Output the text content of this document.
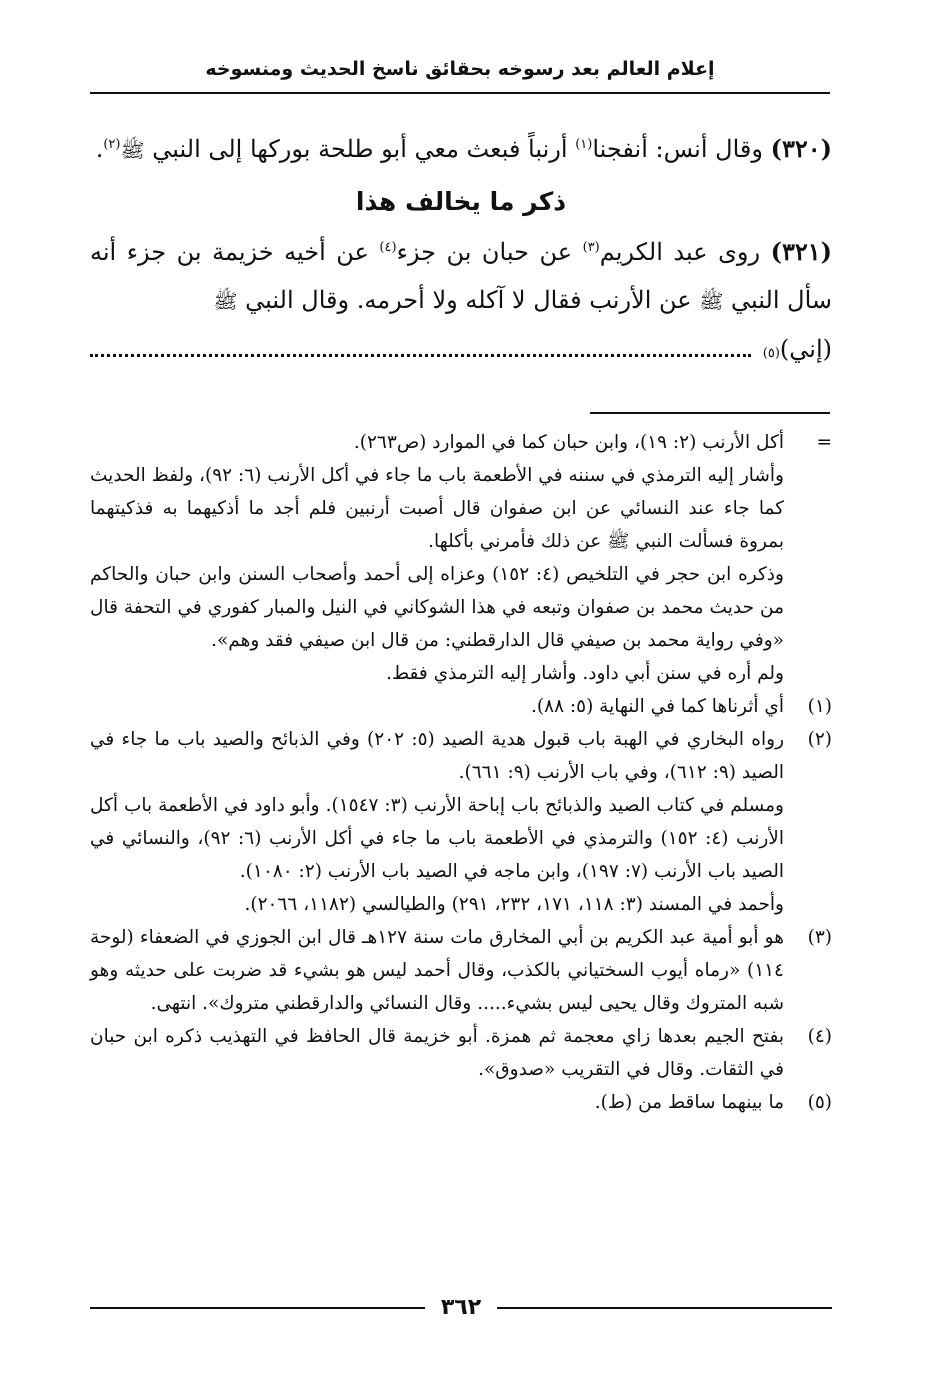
إعلام العالم بعد رسوخه بحقائق ناسخ الحديث ومنسوخه

(٣٢٠) وقال أنس: أنفجنا$^{(١)}$ أرنباً فبعث معي أبو طلحة بوركها إلى النبي ﷺ$^{(٢)}$.

ذكر ما يخالف هذا

(٣٢١) روى عبد الكريم$^{(٣)}$ عن حبان بن جزء$^{(٤)}$ عن أخيه خزيمة بن جزء أنه سأل النبي ﷺ عن الأرنب فقال لا آكله ولا أحرمه. وقال النبي ﷺ

(إني)
(٥)
=

أكل الأرنب (٢: ١٩)، وابن حبان كما في الموارد (ص٢٦٣).

وأشار إليه الترمذي في سننه في الأطعمة باب ما جاء في أكل الأرنب (٦: ٩٢)، ولفظ الحديث كما جاء عند النسائي عن ابن صفوان قال أصبت أرنبين فلم أجد ما أذكيهما به فذكيتهما بمروة فسألت النبي ﷺ عن ذلك فأمرني بأكلها.

وذكره ابن حجر في التلخيص (٤: ١٥٢) وعزاه إلى أحمد وأصحاب السنن وابن حبان والحاكم من حديث محمد بن صفوان وتبعه في هذا الشوكاني في النيل والمبار كفوري في التحفة قال «وفي رواية محمد بن صيفي قال الدارقطني: من قال ابن صيفي فقد وهم».

ولم أره في سنن أبي داود. وأشار إليه الترمذي فقط.

(١)

أي أثرناها كما في النهاية (٥: ٨٨).

(٢)

رواه البخاري في الهبة باب قبول هدية الصيد (٥: ٢٠٢) وفي الذبائح والصيد باب ما جاء في الصيد (٩: ٦١٢)، وفي باب الأرنب (٩: ٦٦١).

ومسلم في كتاب الصيد والذبائح باب إباحة الأرنب (٣: ١٥٤٧). وأبو داود في الأطعمة باب أكل الأرنب (٤: ١٥٢) والترمذي في الأطعمة باب ما جاء في أكل الأرنب (٦: ٩٢)، والنسائي في الصيد باب الأرنب (٧: ١٩٧)، وابن ماجه في الصيد باب الأرنب (٢: ١٠٨٠).

وأحمد في المسند (٣: ١١٨، ١٧١، ٢٣٢، ٢٩١) والطيالسي (١١٨٢، ٢٠٦٦).

(٣)

هو أبو أمية عبد الكريم بن أبي المخارق مات سنة ١٢٧هـ قال ابن الجوزي في الضعفاء (لوحة ١١٤) «رماه أيوب السختياني بالكذب، وقال أحمد ليس هو بشيء قد ضربت على حديثه وهو شبه المتروك وقال يحيى ليس بشيء..... وقال النسائي والدارقطني متروك». انتهى.

(٤)

بفتح الجيم بعدها زاي معجمة ثم همزة. أبو خزيمة قال الحافظ في التهذيب ذكره ابن حبان في الثقات. وقال في التقريب «صدوق».

(٥)

ما بينهما ساقط من (ط).

٣٦٢
